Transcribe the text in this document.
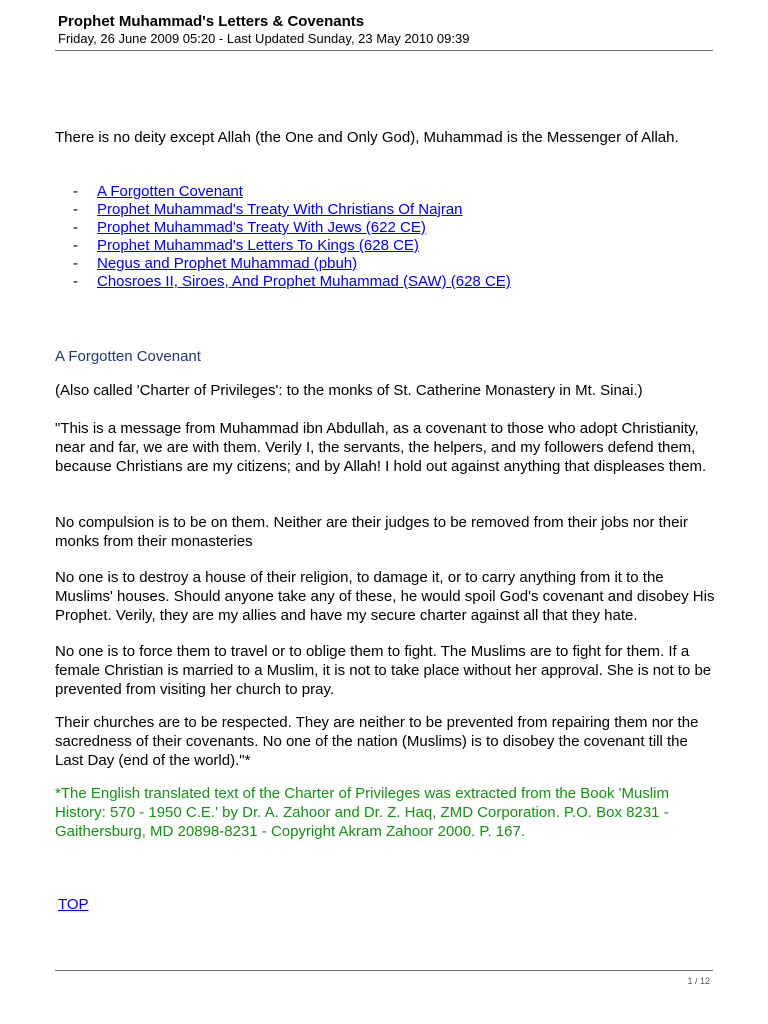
Prophet Muhammad's Letters & Covenants

Friday, 26 June 2009 05:20 - Last Updated Sunday, 23 May 2010 09:39

There is no deity except Allah (the One and Only God), Muhammad is the Messenger of Allah.

-	A Forgotten Covenant
-	Prophet Muhammad's Treaty With Christians Of Najran
-	Prophet Muhammad's Treaty With Jews (622 CE)
-	Prophet Muhammad's Letters To Kings (628 CE)
-	Negus and Prophet Muhammad (pbuh)
-	Chosroes II, Siroes, And Prophet Muhammad (SAW) (628 CE)
A Forgotten Covenant

(Also called 'Charter of Privileges': to the monks of St. Catherine Monastery in Mt. Sinai.)

"This is a message from Muhammad ibn Abdullah, as a covenant to those who adopt Christianity, near and far, we are with them. Verily I, the servants, the helpers, and my followers defend them, because Christians are my citizens; and by Allah! I hold out against anything that displeases them.

No compulsion is to be on them. Neither are their judges to be removed from their jobs nor their monks from their monasteries

No one is to destroy a house of their religion, to damage it, or to carry anything from it to the Muslims' houses. Should anyone take any of these, he would spoil God's covenant and disobey His Prophet. Verily, they are my allies and have my secure charter against all that they hate.

No one is to force them to travel or to oblige them to fight. The Muslims are to fight for them. If a female Christian is married to a Muslim, it is not to take place without her approval. She is not to be prevented from visiting her church to pray.

Their churches are to be respected. They are neither to be prevented from repairing them nor the sacredness of their covenants. No one of the nation (Muslims) is to disobey the covenant till the Last Day (end of the world)."*

*The English translated text of the Charter of Privileges was extracted from the Book 'Muslim History: 570 - 1950 C.E.' by Dr. A. Zahoor and Dr. Z. Haq, ZMD Corporation. P.O. Box 8231 - Gaithersburg, MD 20898-8231 - Copyright Akram Zahoor 2000. P. 167.

TOP
1 / 12
